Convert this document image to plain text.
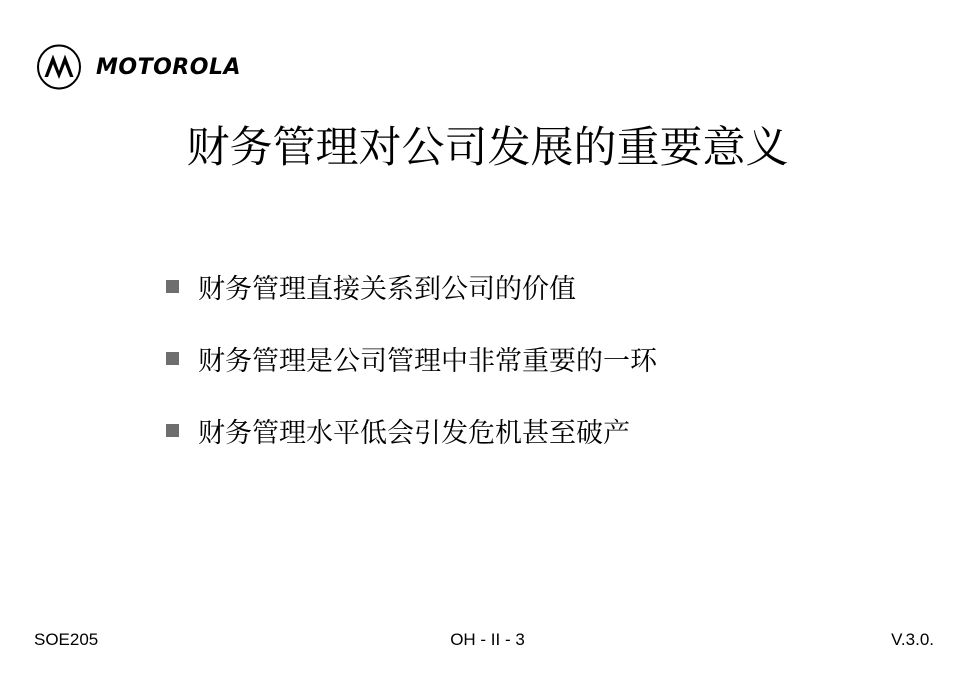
MOTOROLA
财务管理对公司发展的重要意义
财务管理直接关系到公司的价值
财务管理是公司管理中非常重要的一环
财务管理水平低会引发危机甚至破产
SOE205	OH - II - 3	V.3.0.
